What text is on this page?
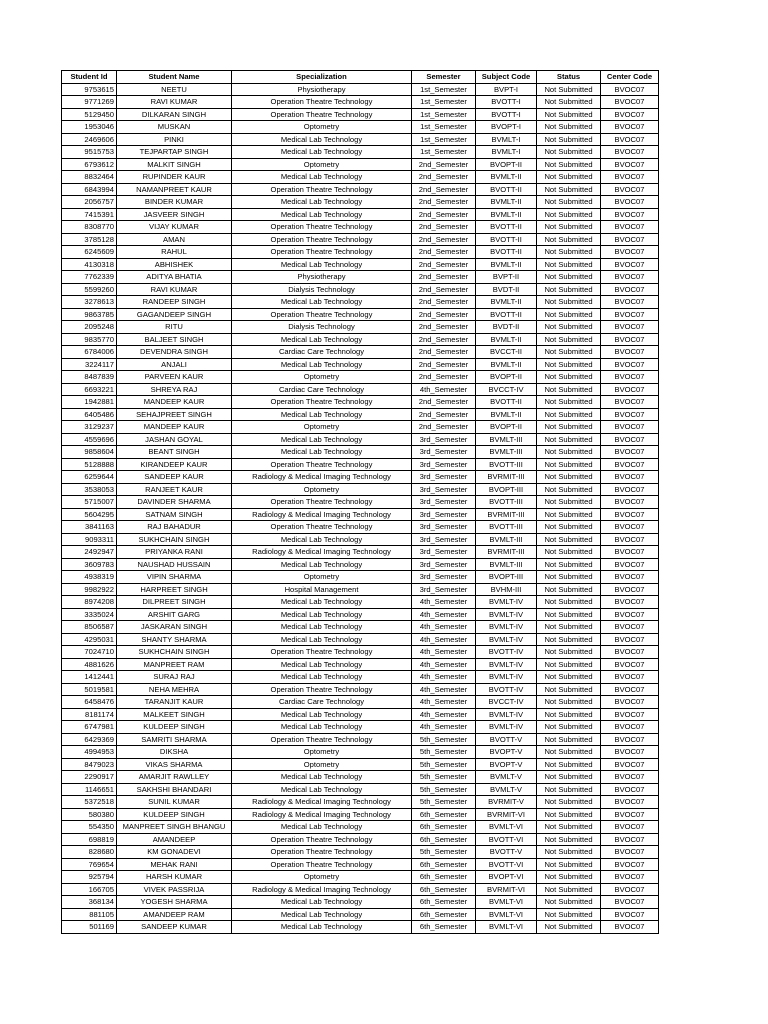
Student Id	Student Name	Specialization	Semester	Subject Code	Status	Center Code
9753615	NEETU	Physiotherapy	1st_Semester	BVPT-I	Not Submitted	BVOC07
9771269	RAVI KUMAR	Operation Theatre Technology	1st_Semester	BVOTT-I	Not Submitted	BVOC07
5129450	DILKARAN SINGH	Operation Theatre Technology	1st_Semester	BVOTT-I	Not Submitted	BVOC07
1953046	MUSKAN	Optometry	1st_Semester	BVOPT-I	Not Submitted	BVOC07
2469606	PINKI	Medical Lab Technology	1st_Semester	BVMLT-I	Not Submitted	BVOC07
9515753	TEJPARTAP SINGH	Medical Lab Technology	1st_Semester	BVMLT-I	Not Submitted	BVOC07
6793612	MALKIT SINGH	Optometry	2nd_Semester	BVOPT-II	Not Submitted	BVOC07
8832464	RUPINDER KAUR	Medical Lab Technology	2nd_Semester	BVMLT-II	Not Submitted	BVOC07
6843994	NAMANPREET KAUR	Operation Theatre Technology	2nd_Semester	BVOTT-II	Not Submitted	BVOC07
2056757	BINDER KUMAR	Medical Lab Technology	2nd_Semester	BVMLT-II	Not Submitted	BVOC07
7415391	JASVEER SINGH	Medical Lab Technology	2nd_Semester	BVMLT-II	Not Submitted	BVOC07
8308770	VIJAY KUMAR	Operation Theatre Technology	2nd_Semester	BVOTT-II	Not Submitted	BVOC07
3785128	AMAN	Operation Theatre Technology	2nd_Semester	BVOTT-II	Not Submitted	BVOC07
6245609	RAHUL	Operation Theatre Technology	2nd_Semester	BVOTT-II	Not Submitted	BVOC07
4130318	ABHISHEK	Medical Lab Technology	2nd_Semester	BVMLT-II	Not Submitted	BVOC07
7762339	ADITYA BHATIA	Physiotherapy	2nd_Semester	BVPT-II	Not Submitted	BVOC07
5599260	RAVI KUMAR	Dialysis Technology	2nd_Semester	BVDT-II	Not Submitted	BVOC07
3278613	RANDEEP SINGH	Medical Lab Technology	2nd_Semester	BVMLT-II	Not Submitted	BVOC07
9863785	GAGANDEEP SINGH	Operation Theatre Technology	2nd_Semester	BVOTT-II	Not Submitted	BVOC07
2095248	RITU	Dialysis Technology	2nd_Semester	BVDT-II	Not Submitted	BVOC07
9835770	BALJEET SINGH	Medical Lab Technology	2nd_Semester	BVMLT-II	Not Submitted	BVOC07
6784006	DEVENDRA SINGH	Cardiac Care Technology	2nd_Semester	BVCCT-II	Not Submitted	BVOC07
3224117	ANJALI	Medical Lab Technology	2nd_Semester	BVMLT-II	Not Submitted	BVOC07
8487839	PARVEEN KAUR	Optometry	2nd_Semester	BVOPT-II	Not Submitted	BVOC07
6693221	SHREYA RAJ	Cardiac Care Technology	4th_Semester	BVCCT-IV	Not Submitted	BVOC07
1942881	MANDEEP KAUR	Operation Theatre Technology	2nd_Semester	BVOTT-II	Not Submitted	BVOC07
6405486	SEHAJPREET SINGH	Medical Lab Technology	2nd_Semester	BVMLT-II	Not Submitted	BVOC07
3129237	MANDEEP KAUR	Optometry	2nd_Semester	BVOPT-II	Not Submitted	BVOC07
4559696	JASHAN GOYAL	Medical Lab Technology	3rd_Semester	BVMLT-III	Not Submitted	BVOC07
9858604	BEANT SINGH	Medical Lab Technology	3rd_Semester	BVMLT-III	Not Submitted	BVOC07
5128888	KIRANDEEP KAUR	Operation Theatre Technology	3rd_Semester	BVOTT-III	Not Submitted	BVOC07
6259644	SANDEEP KAUR	Radiology & Medical Imaging Technology	3rd_Semester	BVRMIT-III	Not Submitted	BVOC07
3538053	RANJEET KAUR	Optometry	3rd_Semester	BVOPT-III	Not Submitted	BVOC07
5715007	DAVINDER SHARMA	Operation Theatre Technology	3rd_Semester	BVOTT-III	Not Submitted	BVOC07
5604295	SATNAM SINGH	Radiology & Medical Imaging Technology	3rd_Semester	BVRMIT-III	Not Submitted	BVOC07
3841163	RAJ BAHADUR	Operation Theatre Technology	3rd_Semester	BVOTT-III	Not Submitted	BVOC07
9093311	SUKHCHAIN SINGH	Medical Lab Technology	3rd_Semester	BVMLT-III	Not Submitted	BVOC07
2492947	PRIYANKA RANI	Radiology & Medical Imaging Technology	3rd_Semester	BVRMIT-III	Not Submitted	BVOC07
3609783	NAUSHAD HUSSAIN	Medical Lab Technology	3rd_Semester	BVMLT-III	Not Submitted	BVOC07
4938319	VIPIN SHARMA	Optometry	3rd_Semester	BVOPT-III	Not Submitted	BVOC07
9982922	HARPREET SINGH	Hospital Management	3rd_Semester	BVHM-III	Not Submitted	BVOC07
8974208	DILPREET SINGH	Medical Lab Technology	4th_Semester	BVMLT-IV	Not Submitted	BVOC07
3335024	ARSHIT GARG	Medical Lab Technology	4th_Semester	BVMLT-IV	Not Submitted	BVOC07
8506587	JASKARAN SINGH	Medical Lab Technology	4th_Semester	BVMLT-IV	Not Submitted	BVOC07
4295031	SHANTY SHARMA	Medical Lab Technology	4th_Semester	BVMLT-IV	Not Submitted	BVOC07
7024710	SUKHCHAIN SINGH	Operation Theatre Technology	4th_Semester	BVOTT-IV	Not Submitted	BVOC07
4881626	MANPREET RAM	Medical Lab Technology	4th_Semester	BVMLT-IV	Not Submitted	BVOC07
1412441	SURAJ RAJ	Medical Lab Technology	4th_Semester	BVMLT-IV	Not Submitted	BVOC07
5019581	NEHA MEHRA	Operation Theatre Technology	4th_Semester	BVOTT-IV	Not Submitted	BVOC07
6458476	TARANJIT KAUR	Cardiac Care Technology	4th_Semester	BVCCT-IV	Not Submitted	BVOC07
8181174	MALKEET SINGH	Medical Lab Technology	4th_Semester	BVMLT-IV	Not Submitted	BVOC07
6747981	KULDEEP SINGH	Medical Lab Technology	4th_Semester	BVMLT-IV	Not Submitted	BVOC07
6429369	SAMRITI SHARMA	Operation Theatre Technology	5th_Semester	BVOTT-V	Not Submitted	BVOC07
4994953	DIKSHA	Optometry	5th_Semester	BVOPT-V	Not Submitted	BVOC07
8479023	VIKAS SHARMA	Optometry	5th_Semester	BVOPT-V	Not Submitted	BVOC07
2290917	AMARJIT RAWLLEY	Medical Lab Technology	5th_Semester	BVMLT-V	Not Submitted	BVOC07
1146651	SAKHSHI BHANDARI	Medical Lab Technology	5th_Semester	BVMLT-V	Not Submitted	BVOC07
5372518	SUNIL KUMAR	Radiology & Medical Imaging Technology	5th_Semester	BVRMIT-V	Not Submitted	BVOC07
580380	KULDEEP SINGH	Radiology & Medical Imaging Technology	6th_Semester	BVRMIT-VI	Not Submitted	BVOC07
554350	MANPREET SINGH BHANGU	Medical Lab Technology	6th_Semester	BVMLT-VI	Not Submitted	BVOC07
698819	AMANDEEP	Operation Theatre Technology	6th_Semester	BVOTT-VI	Not Submitted	BVOC07
828680	KM GONADEVI	Operation Theatre Technology	5th_Semester	BVOTT-V	Not Submitted	BVOC07
769654	MEHAK RANI	Operation Theatre Technology	6th_Semester	BVOTT-VI	Not Submitted	BVOC07
925794	HARSH KUMAR	Optometry	6th_Semester	BVOPT-VI	Not Submitted	BVOC07
166705	VIVEK PASSRIJA	Radiology & Medical Imaging Technology	6th_Semester	BVRMIT-VI	Not Submitted	BVOC07
368134	YOGESH SHARMA	Medical Lab Technology	6th_Semester	BVMLT-VI	Not Submitted	BVOC07
881105	AMANDEEP RAM	Medical Lab Technology	6th_Semester	BVMLT-VI	Not Submitted	BVOC07
501169	SANDEEP KUMAR	Medical Lab Technology	6th_Semester	BVMLT-VI	Not Submitted	BVOC07
